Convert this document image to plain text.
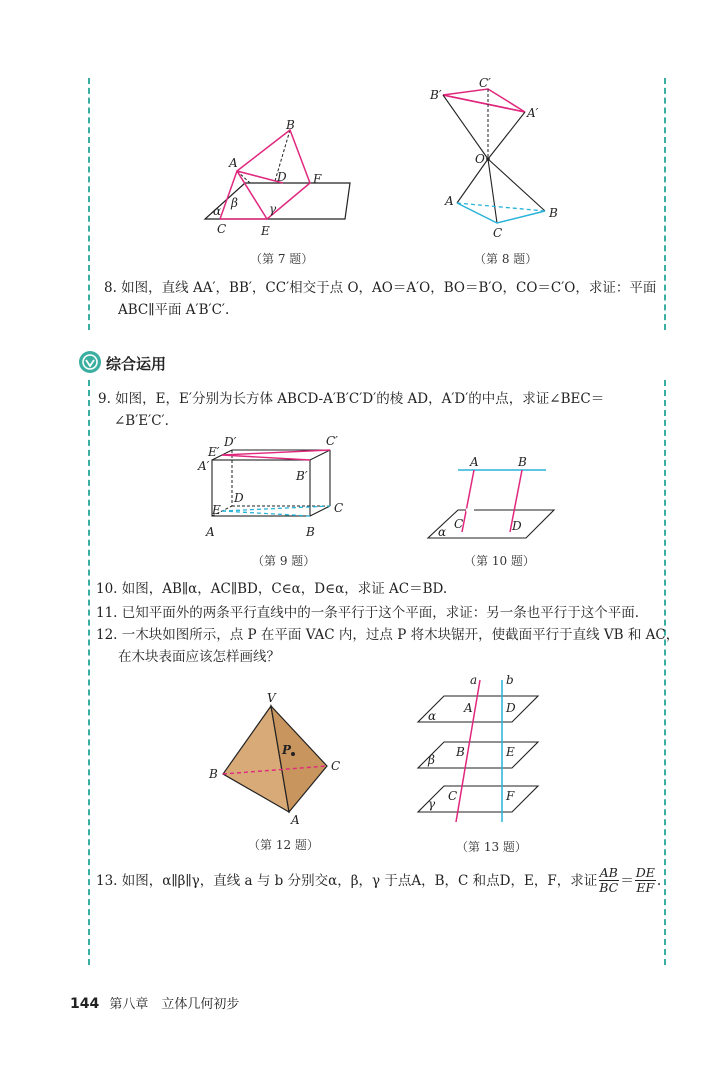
B
A
D F
C	E
α
β	γ
（第 7 题）
B′
C′
A′
O
A
B
C
（第 8 题）
8. 如图，直线 AA′，BB′，CC′相交于点 O，AO＝A′O，BO＝B′O，CO＝C′O，求证：平面
ABC∥平面 A′B′C′.
综合运用
9. 如图，E，E′分别为长方体 ABCD-A′B′C′D′的棱 AD，A′D′的中点，求证∠BEC＝
∠B′E′C′.
D′	C′
E′
A′
B′
D
C
E
A	B
（第 9 题）
A	B
C	D
α
（第 10 题）
10. 如图，AB∥α，AC∥BD，C∈α，D∈α，求证 AC＝BD.
11. 已知平面外的两条平行直线中的一条平行于这个平面，求证：另一条也平行于这个平面.
12. 一木块如图所示，点 P 在平面 VAC 内，过点 P 将木块锯开，使截面平行于直线 VB 和 AC，
在木块表面应该怎样画线？
V
P
B
C
A
（第 12 题）
a b
A	D
α
B	E
β
C	F
γ
（第 13 题）
13. 如图，α∥β∥γ，直线 a 与 b 分别交α，β，γ 于点A，B，C 和点D，E，F，求证 $\frac{AB}{BC} = \frac{DE}{EF}$ .
144 第八章　立体几何初步
